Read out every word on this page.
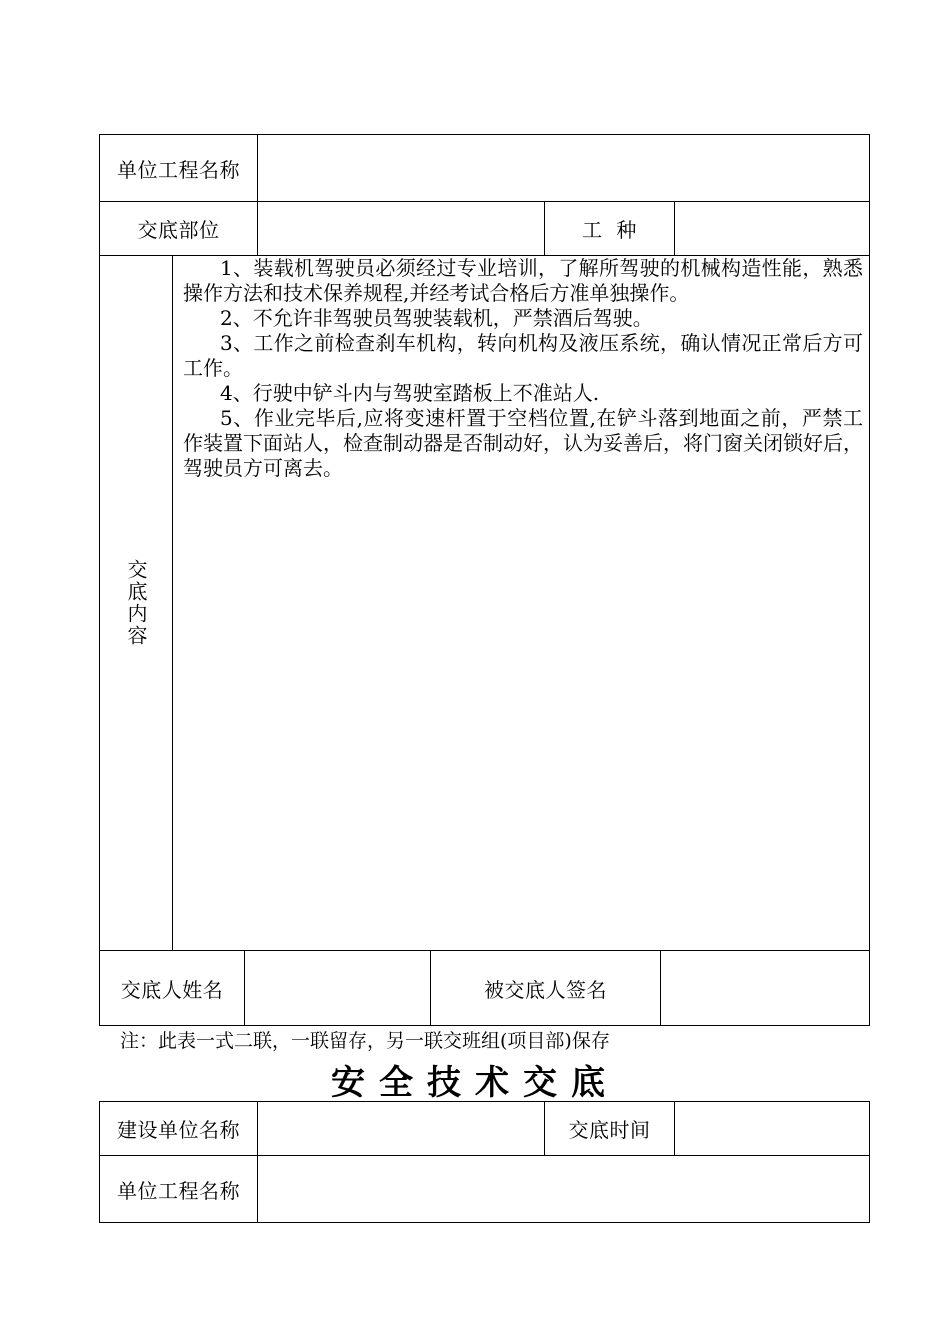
单位工程名称
交底部位	工  种
交底内容

1、装载机驾驶员必须经过专业培训，了解所驾驶的机械构造性能，熟悉操作方法和技术保养规程,并经考试合格后方准单独操作。

2、不允许非驾驶员驾驶装载机，严禁酒后驾驶。

3、工作之前检查刹车机构，转向机构及液压系统，确认情况正常后方可工作。

4、行驶中铲斗内与驾驶室踏板上不准站人.

5、作业完毕后,应将变速杆置于空档位置,在铲斗落到地面之前，严禁工作装置下面站人，检查制动器是否制动好，认为妥善后，将门窗关闭锁好后，驾驶员方可离去。

交底人姓名	被交底人签名
注：此表一式二联，一联留存，另一联交班组(项目部)保存
安全技术交底
建设单位名称	交底时间
单位工程名称
